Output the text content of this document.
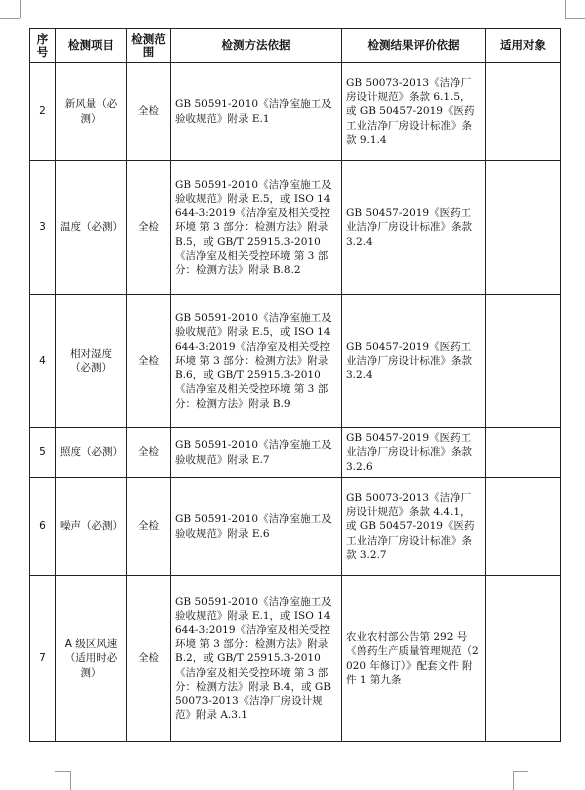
序号	检测项目	检测范围	检测方法依据	检测结果评价依据	适用对象
2	新风量（必测）	全检	GB 50591-2010《洁净室施工及验收规范》附录 E.1	GB 50073-2013《洁净厂房设计规范》条款 6.1.5，或 GB 50457-2019《医药工业洁净厂房设计标准》条款 9.1.4	
3	温度（必测）	全检	GB 50591-2010《洁净室施工及验收规范》附录 E.5，或 ISO 14644-3:2019《洁净室及相关受控环境 第 3 部分：检测方法》附录 B.5，或 GB/T 25915.3-2010《洁净室及相关受控环境 第 3 部分：检测方法》附录 B.8.2	GB 50457-2019《医药工业洁净厂房设计标准》条款 3.2.4	
4	相对湿度（必测）	全检	GB 50591-2010《洁净室施工及验收规范》附录 E.5，或 ISO 14644-3:2019《洁净室及相关受控环境 第 3 部分：检测方法》附录 B.6，或 GB/T 25915.3-2010《洁净室及相关受控环境 第 3 部分：检测方法》附录 B.9	GB 50457-2019《医药工业洁净厂房设计标准》条款 3.2.4	
5	照度（必测）	全检	GB 50591-2010《洁净室施工及验收规范》附录 E.7	GB 50457-2019《医药工业洁净厂房设计标准》条款 3.2.6	
6	噪声（必测）	全检	GB 50591-2010《洁净室施工及验收规范》附录 E.6	GB 50073-2013《洁净厂房设计规范》条款 4.4.1，或 GB 50457-2019《医药工业洁净厂房设计标准》条款 3.2.7	
7	A 级区风速（适用时必测）	全检	GB 50591-2010《洁净室施工及验收规范》附录 E.1，或 ISO 14644-3:2019《洁净室及相关受控环境 第 3 部分：检测方法》附录 B.2，或 GB/T 25915.3-2010《洁净室及相关受控环境 第 3 部分：检测方法》附录 B.4，或 GB 50073-2013《洁净厂房设计规范》附录 A.3.1	农业农村部公告第 292 号《兽药生产质量管理规范（2020 年修订）》配套文件 附件 1 第九条	
